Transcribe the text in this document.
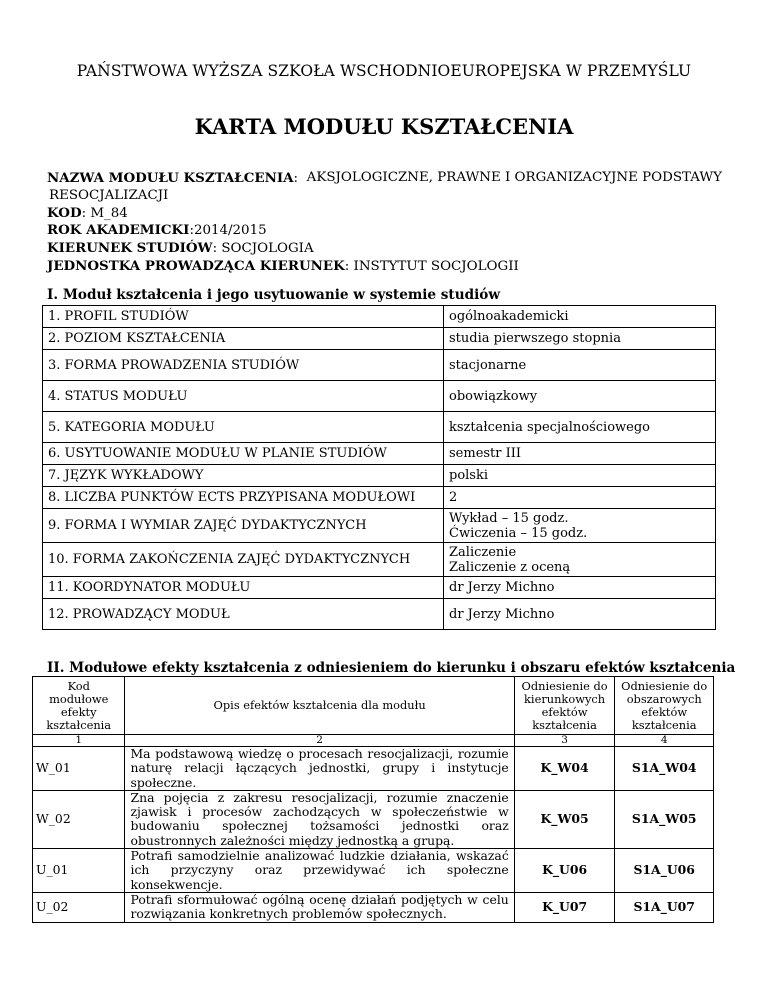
PAŃSTWOWA WYŻSZA SZKOŁA WSCHODNIOEUROPEJSKA W PRZEMYŚLU
KARTA MODUŁU KSZTAŁCENIA
NAZWA MODUŁU KSZTAŁCENIA: AKSJOLOGICZNE, PRAWNE I ORGANIZACYJNE PODSTAWY
RESOCJALIZACJI
KOD: M_84
ROK AKADEMICKI:2014/2015
KIERUNEK STUDIÓW: SOCJOLOGIA
JEDNOSTKA PROWADZĄCA KIERUNEK: INSTYTUT SOCJOLOGII
I. Moduł kształcenia i jego usytuowanie w systemie studiów
1. PROFIL STUDIÓW	ogólnoakademicki
2. POZIOM KSZTAŁCENIA	studia pierwszego stopnia
3. FORMA PROWADZENIA STUDIÓW	stacjonarne
4. STATUS MODUŁU	obowiązkowy
5. KATEGORIA MODUŁU	kształcenia specjalnościowego
6. USYTUOWANIE MODUŁU W PLANIE STUDIÓW	semestr III
7. JĘZYK WYKŁADOWY	polski
8. LICZBA PUNKTÓW ECTS PRZYPISANA MODUŁOWI	2
9. FORMA I WYMIAR ZAJĘĆ DYDAKTYCZNYCH	Wykład – 15 godz.
Ćwiczenia – 15 godz.

10. FORMA ZAKOŃCZENIA ZAJĘĆ DYDAKTYCZNYCH	Zaliczenie
Zaliczenie z oceną

11. KOORDYNATOR MODUŁU	dr Jerzy Michno
12. PROWADZĄCY MODUŁ	dr Jerzy Michno
II. Modułowe efekty kształcenia z odniesieniem do kierunku i obszaru efektów kształcenia
Kod modułowe efekty kształcenia	Opis efektów kształcenia dla modułu	Odniesienie do kierunkowych efektów kształcenia	Odniesienie do obszarowych efektów kształcenia
1	2	3	4
W_01	Ma podstawową wiedzę o procesach resocjalizacji, rozumie naturę relacji łączących jednostki, grupy i instytucje społeczne.	K_W04	S1A_W04
W_02	Zna pojęcia z zakresu resocjalizacji, rozumie znaczenie zjawisk i procesów zachodzących w społeczeństwie w budowaniu społecznej tożsamości jednostki oraz obustronnych zależności między jednostką a grupą.	K_W05	S1A_W05
U_01	Potrafi samodzielnie analizować ludzkie działania, wskazać ich przyczyny oraz przewidywać ich społeczne konsekwencje.	K_U06	S1A_U06
U_02	Potrafi sformułować ogólną ocenę działań podjętych w celu rozwiązania konkretnych problemów społecznych.	K_U07	S1A_U07
